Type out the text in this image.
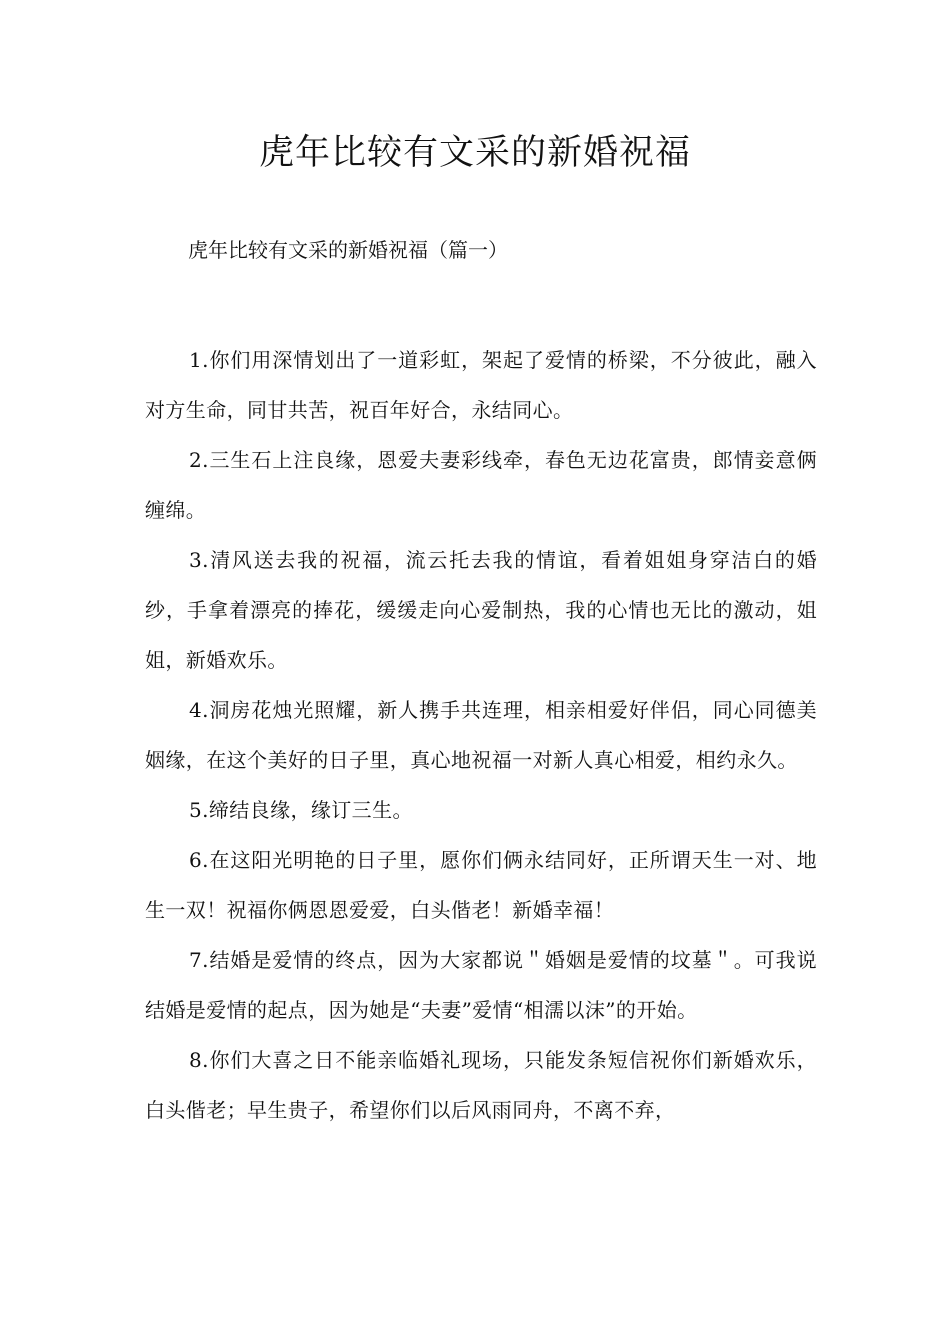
虎年比较有文采的新婚祝福

虎年比较有文采的新婚祝福（篇一）

1.你们用深情划出了一道彩虹，架起了爱情的桥梁，不分彼此，融入对方生命，同甘共苦，祝百年好合，永结同心。

2.三生石上注良缘，恩爱夫妻彩线牵，春色无边花富贵，郎情妾意俩缠绵。

3.清风送去我的祝福，流云托去我的情谊，看着姐姐身穿洁白的婚纱，手拿着漂亮的捧花，缓缓走向心爱制热，我的心情也无比的激动，姐姐，新婚欢乐。

4.洞房花烛光照耀，新人携手共连理，相亲相爱好伴侣，同心同德美姻缘，在这个美好的日子里，真心地祝福一对新人真心相爱，相约永久。

5.缔结良缘，缘订三生。

6.在这阳光明艳的日子里，愿你们俩永结同好，正所谓天生一对、地生一双！祝福你俩恩恩爱爱，白头偕老！新婚幸福！

7.结婚是爱情的终点，因为大家都说＂婚姻是爱情的坟墓＂。可我说结婚是爱情的起点，因为她是“夫妻”爱情“相濡以沫”的开始。

8.你们大喜之日不能亲临婚礼现场，只能发条短信祝你们新婚欢乐，白头偕老；早生贵子，希望你们以后风雨同舟，不离不弃，
